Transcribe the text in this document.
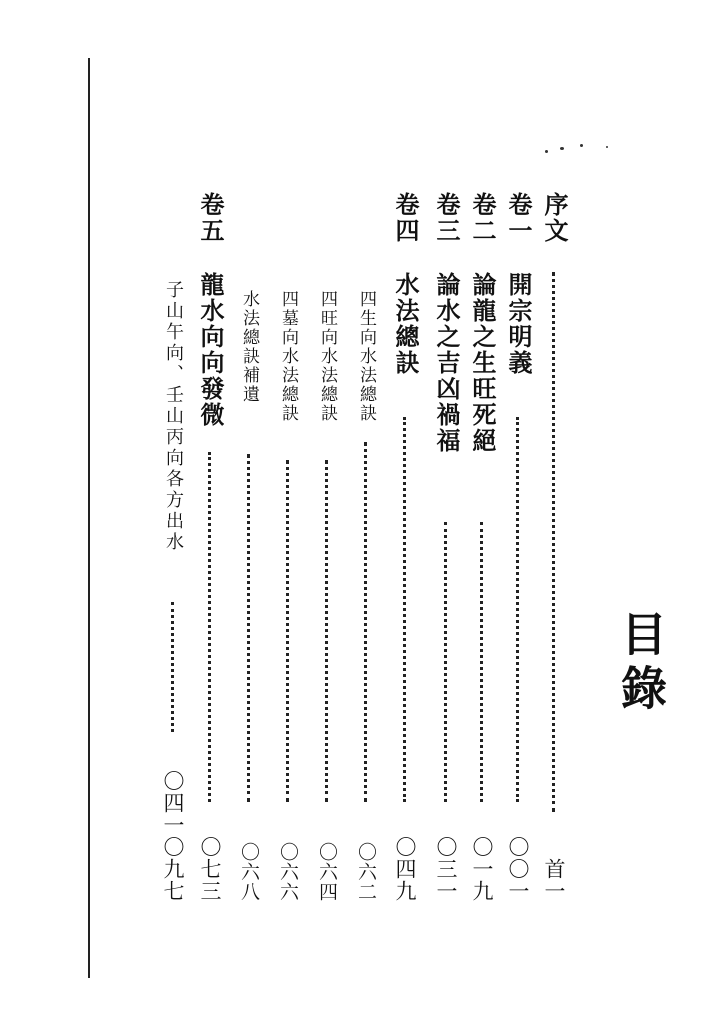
目錄
序文
首一
卷一
開宗明義
〇〇一
卷二
論龍之生旺死絕
〇一九
卷三
論水之吉凶禍福
〇三一
卷四
水法總訣
〇四九
四生向水法總訣
〇六二
四旺向水法總訣
〇六四
四墓向水法總訣
〇六六
水法總訣補遺
〇六八
卷五
龍水向向發微
〇七三
子山午向、壬山丙向各方出水
〇四一〇九七
